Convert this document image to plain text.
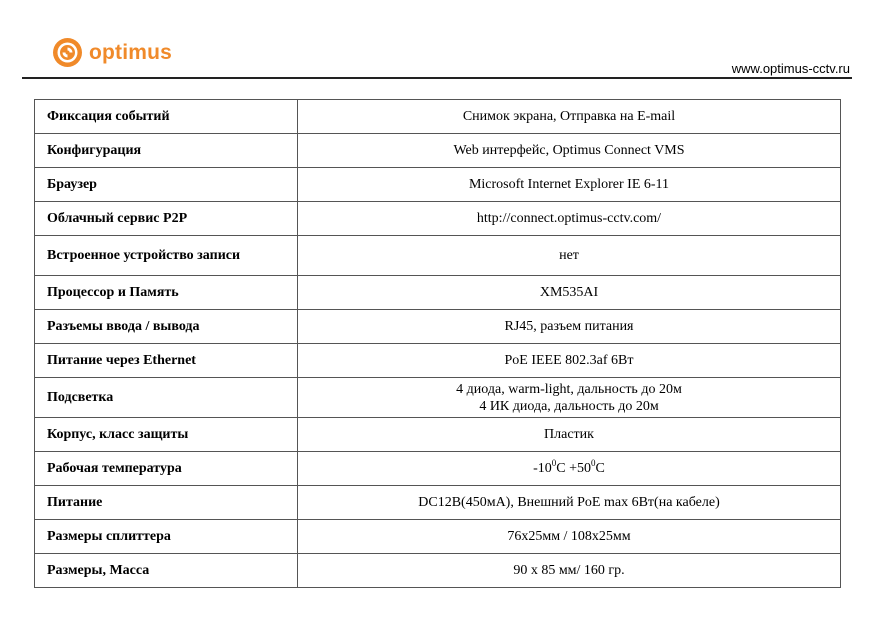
optimus
www.optimus-cctv.ru
Фиксация событий	Снимок экрана, Отправка на E-mail
Конфигурация	Web интерфейс, Optimus Connect VMS
Браузер	Microsoft Internet Explorer IE 6-11
Облачный сервис P2P	http://connect.optimus-cctv.com/
Встроенное устройство записи	нет
Процессор и Память	XM535AI
Разъемы ввода / вывода	RJ45, разъем питания
Питание через Ethernet	PoE IEEE 802.3af 6Вт
Подсветка	4 диода, warm-light, дальность до 20м
4 ИК диода, дальность до 20м

Корпус, класс защиты	Пластик
Рабочая температура	$-10^0C +50^0C$
Питание	DC12В(450мА), Внешний PoE max 6Вт(на кабеле)
Размеры сплиттера	76x25мм / 108x25мм
Размеры, Масса	90 x 85 мм/ 160 гр.
